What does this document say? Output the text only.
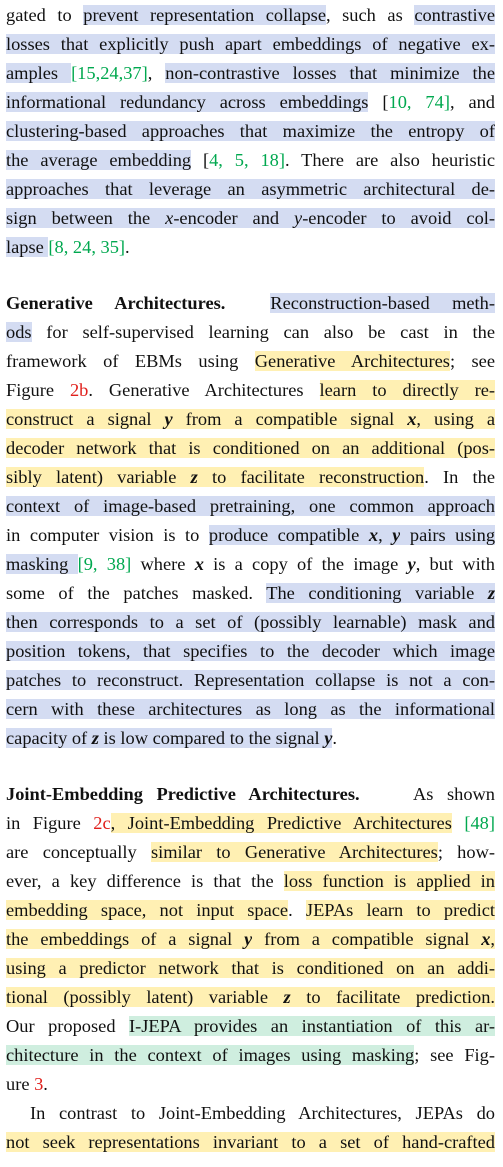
gated to prevent representation collapse, such as contrastive
losses that explicitly push apart embeddings of negative ex-
amples [15,24,37], non-contrastive losses that minimize the
informational redundancy across embeddings [10, 74], and
clustering-based approaches that maximize the entropy of
the average embedding [4, 5, 18]. There are also heuristic
approaches that leverage an asymmetric architectural de-
sign between the x-encoder and y-encoder to avoid col-
lapse [8, 24, 35].
Generative Architectures. Reconstruction-based meth-
ods for self-supervised learning can also be cast in the
framework of EBMs using Generative Architectures; see
Figure 2b. Generative Architectures learn to directly re-
construct a signal y from a compatible signal x, using a
decoder network that is conditioned on an additional (pos-
sibly latent) variable z to facilitate reconstruction. In the
context of image-based pretraining, one common approach
in computer vision is to produce compatible x, y pairs using
masking [9, 38] where x is a copy of the image y, but with
some of the patches masked. The conditioning variable z
then corresponds to a set of (possibly learnable) mask and
position tokens, that specifies to the decoder which image
patches to reconstruct. Representation collapse is not a con-
cern with these architectures as long as the informational
capacity of z is low compared to the signal y.
Joint-Embedding Predictive Architectures.    As shown
in Figure 2c, Joint-Embedding Predictive Architectures [48]
are conceptually similar to Generative Architectures; how-
ever, a key difference is that the loss function is applied in
embedding space, not input space. JEPAs learn to predict
the embeddings of a signal y from a compatible signal x,
using a predictor network that is conditioned on an addi-
tional (possibly latent) variable z to facilitate prediction.
Our proposed I-JEPA provides an instantiation of this ar-
chitecture in the context of images using masking; see Fig-
ure 3.
In contrast to Joint-Embedding Architectures, JEPAs do
not seek representations invariant to a set of hand-crafted
